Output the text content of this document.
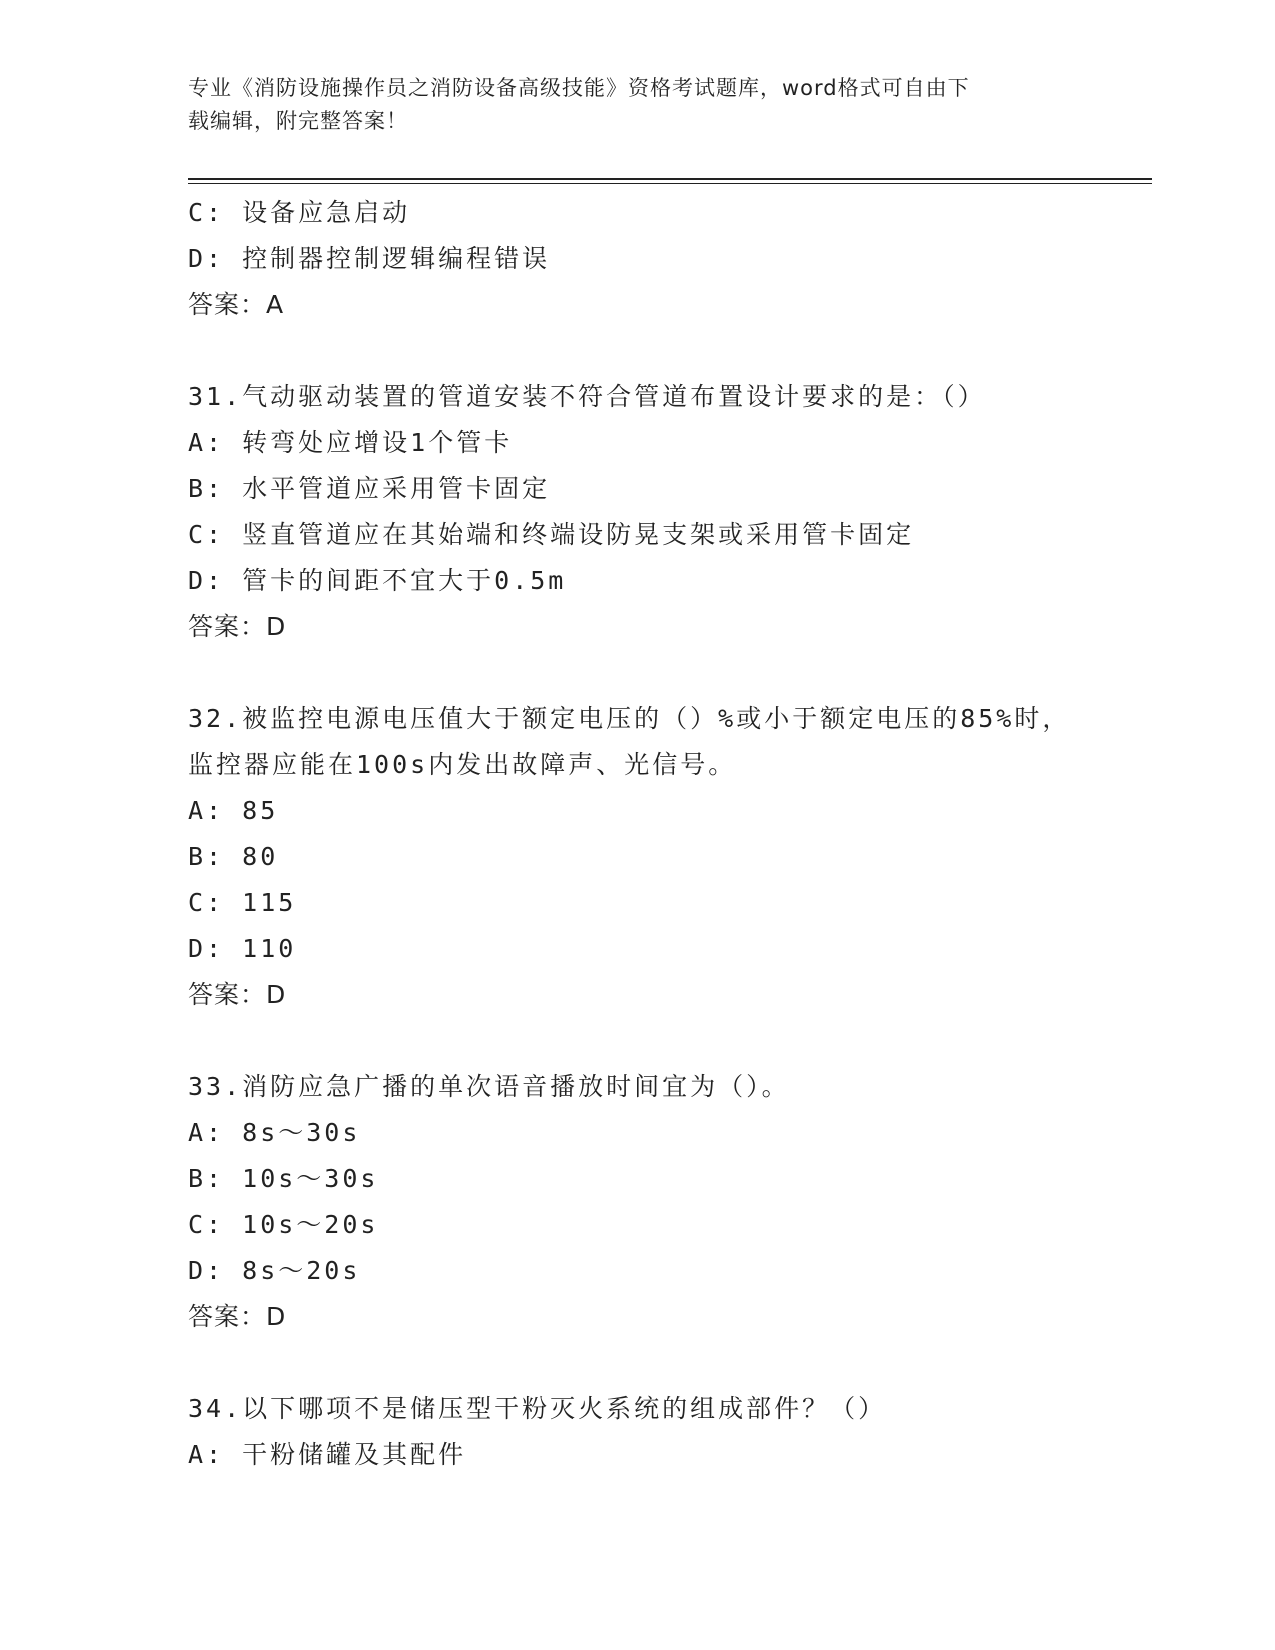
专业《消防设施操作员之消防设备高级技能》资格考试题库，word格式可自由下
载编辑，附完整答案！
C: 设备应急启动
D: 控制器控制逻辑编程错误
答案：A
31.气动驱动装置的管道安装不符合管道布置设计要求的是：（）
A: 转弯处应增设1个管卡
B: 水平管道应采用管卡固定
C: 竖直管道应在其始端和终端设防晃支架或采用管卡固定
D: 管卡的间距不宜大于0.5m
答案：D
32.被监控电源电压值大于额定电压的（）%或小于额定电压的85%时，
监控器应能在100s内发出故障声、光信号。
A: 85
B: 80
C: 115
D: 110
答案：D
33.消防应急广播的单次语音播放时间宜为（）。
A: 8s～30s
B: 10s～30s
C: 10s～20s
D: 8s～20s
答案：D
34.以下哪项不是储压型干粉灭火系统的组成部件？（）
A: 干粉储罐及其配件
